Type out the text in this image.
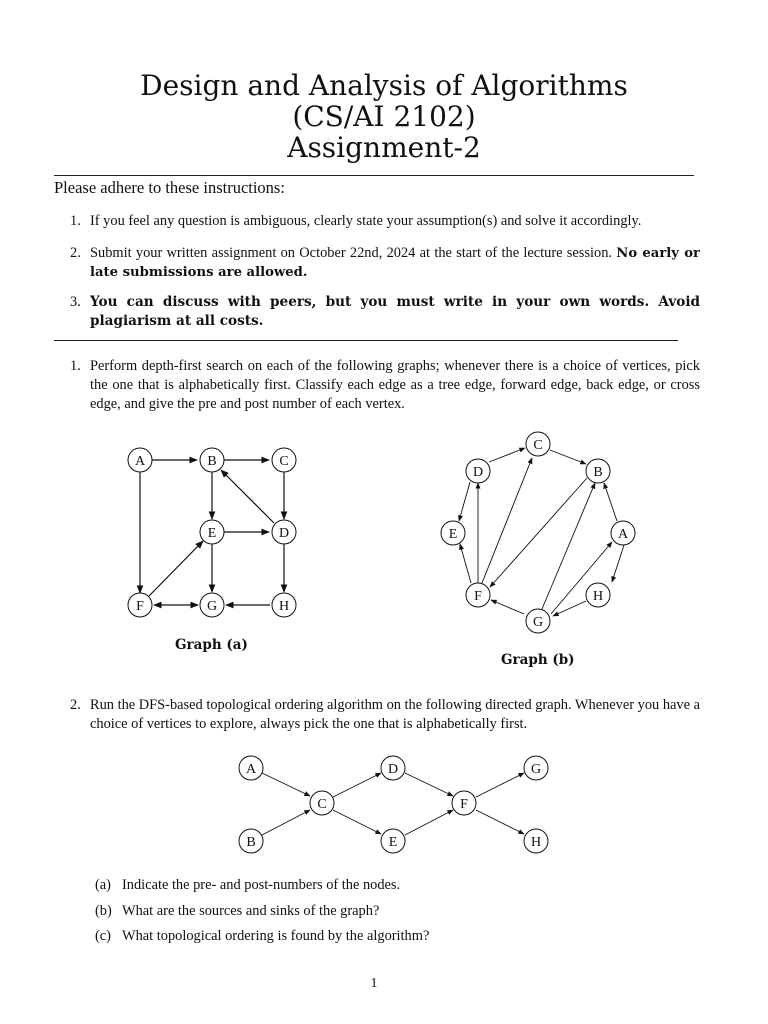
Design and Analysis of Algorithms
(CS/AI 2102)
Assignment-2
Please adhere to these instructions:
1. If you feel any question is ambiguous, clearly state your assumption(s) and solve it accordingly.
2. Submit your written assignment on October 22nd, 2024 at the start of the lecture session. No early or late submissions are allowed.
3. You can discuss with peers, but you must write in your own words. Avoid plagiarism at all costs.
1. Perform depth-first search on each of the following graphs; whenever there is a choice of vertices, pick the one that is alphabetically first. Classify each edge as a tree edge, forward edge, back edge, or cross edge, and give the pre and post number of each vertex.
A	B	C
D
E
F	G	H
A
B
C
D
E
F
G
H
A
B
C
D
E
F
G
H
Graph (a)
Graph (b)
2. Run the DFS-based topological ordering algorithm on the following directed graph. Whenever you have a choice of vertices to explore, always pick the one that is alphabetically first.
(a) Indicate the pre- and post-numbers of the nodes.
(b) What are the sources and sinks of the graph?
(c) What topological ordering is found by the algorithm?
1
